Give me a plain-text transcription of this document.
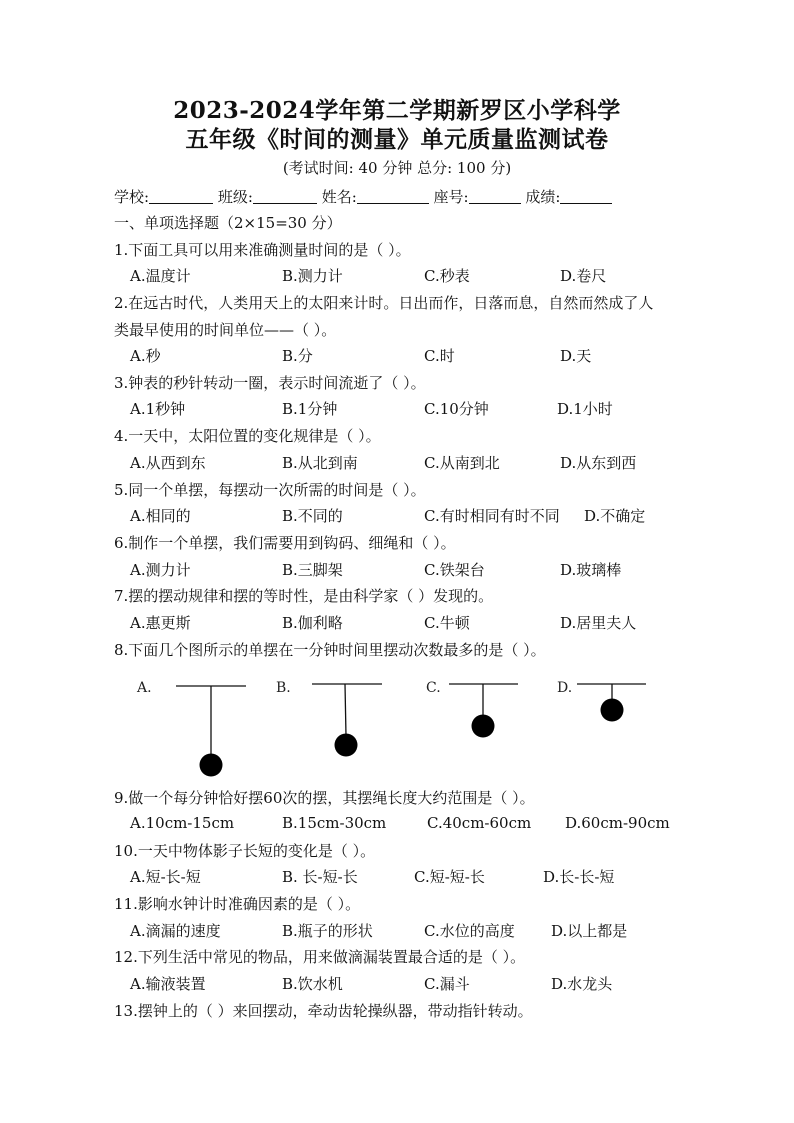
2023-2024学年第二学期新罗区小学科学
五年级《时间的测量》单元质量监测试卷
(考试时间: 40 分钟 总分: 100 分)
学校:	班级:	姓名:	座号:	成绩:
一、单项选择题（2×15=30 分）
1.下面工具可以用来准确测量时间的是（ ）。
A.温度计	B.测力计	C.秒表	D.卷尺
2.在远古时代，人类用天上的太阳来计时。日出而作，日落而息，自然而然成了人
类最早使用的时间单位——（ ）。
A.秒	B.分	C.时	D.天
3.钟表的秒针转动一圈，表示时间流逝了（ ）。
A.1秒钟	B.1分钟	C.10分钟	D.1小时
4.一天中，太阳位置的变化规律是（ ）。
A.从西到东	B.从北到南	C.从南到北	D.从东到西
5.同一个单摆，每摆动一次所需的时间是（ ）。
A.相同的	B.不同的	C.有时相同有时不同 D.不确定
6.制作一个单摆，我们需要用到钩码、细绳和（ ）。
A.测力计	B.三脚架	C.铁架台	D.玻璃棒
7.摆的摆动规律和摆的等时性，是由科学家（ ）发现的。
A.惠更斯	B.伽利略	C.牛顿	D.居里夫人
8.下面几个图所示的单摆在一分钟时间里摆动次数最多的是（ ）。
A.	B.	C.	D.
9.做一个每分钟恰好摆60次的摆，其摆绳长度大约范围是（ ）。
A.10cm-15cm	B.15cm-30cm	C.40cm-60cm D.60cm-90cm
10.一天中物体影子长短的变化是（ ）。
A.短-长-短	B. 长-短-长	C.短-短-长	D.长-长-短
11.影响水钟计时准确因素的是（ ）。
A.滴漏的速度	B.瓶子的形状	C.水位的高度 D.以上都是
12.下列生活中常见的物品，用来做滴漏装置最合适的是（ ）。
A.输液装置	B.饮水机	C.漏斗	D.水龙头
13.摆钟上的（ ）来回摆动，牵动齿轮操纵器，带动指针转动。
